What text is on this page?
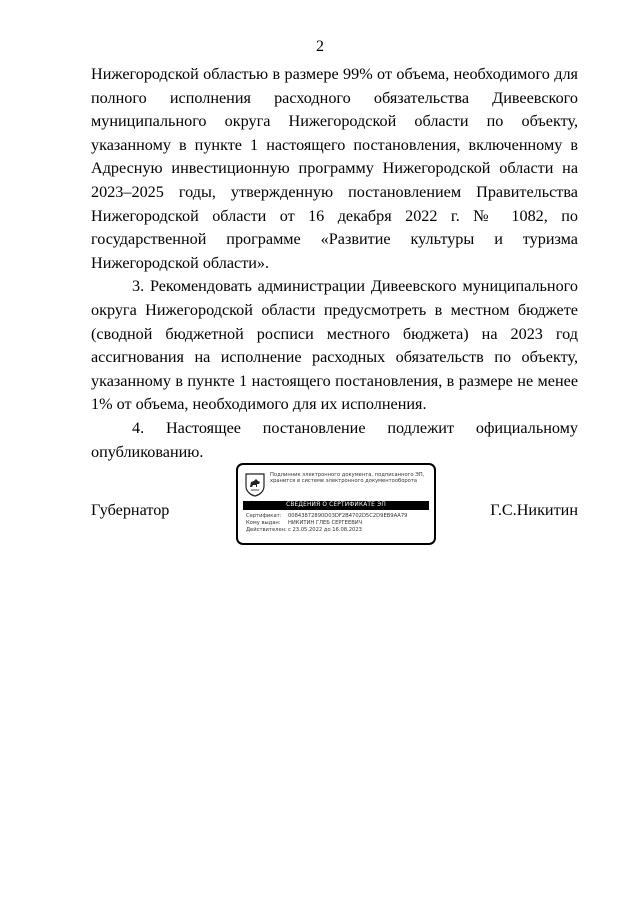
2

Нижегородской областью в размере 99% от объема, необходимого для полного исполнения расходного обязательства Дивеевского муниципального округа Нижегородской области по объекту, указанному в пункте 1 настоящего постановления, включенному в Адресную инвестиционную программу Нижегородской области на 2023–2025 годы, утвержденную постановлением Правительства Нижегородской области от 16 декабря 2022 г. № 1082, по государственной программе «Развитие культуры и туризма Нижегородской области».

3. Рекомендовать администрации Дивеевского муниципального округа Нижегородской области предусмотреть в местном бюджете (сводной бюджетной росписи местного бюджета) на 2023 год ассигнования на исполнение расходных обязательств по объекту, указанному в пункте 1 настоящего постановления, в размере не менее 1% от объема, необходимого для их исполнения.

4. Настоящее постановление подлежит официальному опубликованию.

Губернатор	Г.С.Никитин
Подлинник электронного документа, подписанного ЭП, хранится в системе электронного документооборота
СВЕДЕНИЯ О СЕРТИФИКАТЕ ЭП
Сертификат: 00843872890D03DF2B4702D5C2D9EB9AA79
Кому выдан: НИКИТИН ГЛЕБ СЕРГЕЕВИЧ
Действителен:с 23.05.2022 до 16.08.2023
